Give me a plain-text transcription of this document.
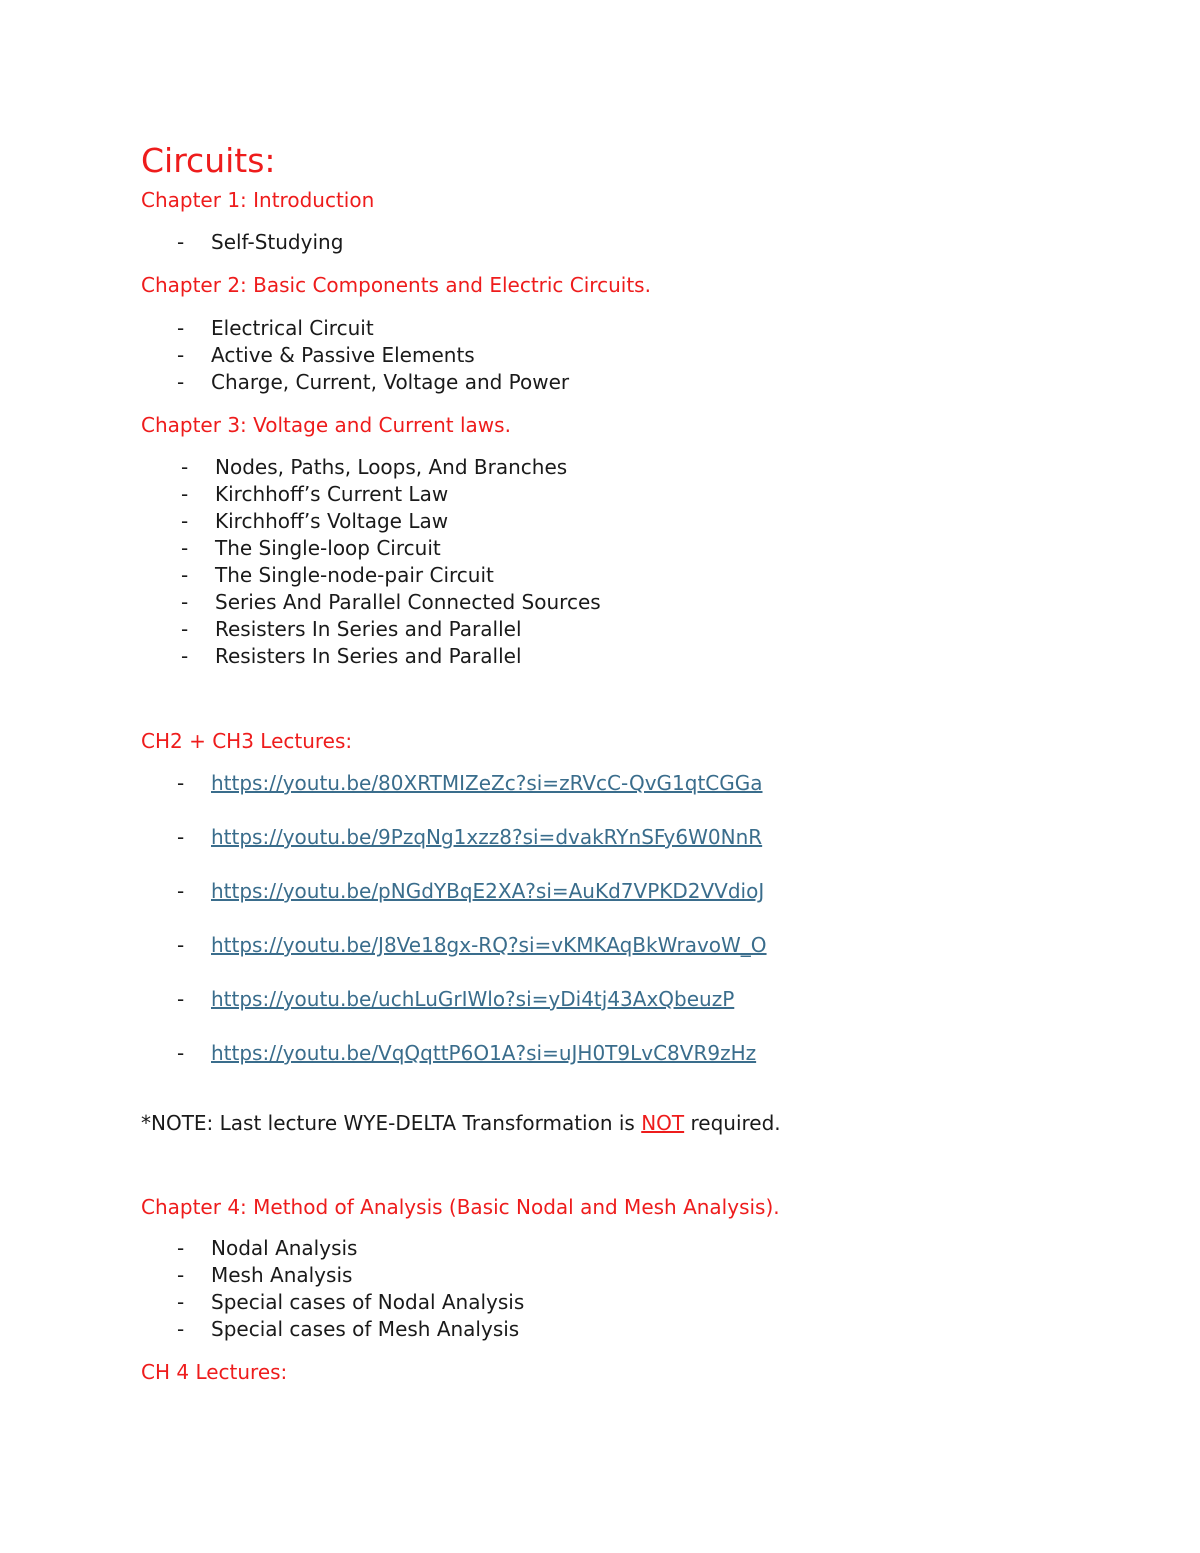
Circuits:
Chapter 1: Introduction
- Self-Studying
Chapter 2: Basic Components and Electric Circuits.
- Electrical Circuit
- Active & Passive Elements
- Charge, Current, Voltage and Power
Chapter 3: Voltage and Current laws.
- Nodes, Paths, Loops, And Branches
- Kirchhoff’s Current Law
- Kirchhoff’s Voltage Law
- The Single-loop Circuit
- The Single-node-pair Circuit
- Series And Parallel Connected Sources
- Resisters In Series and Parallel
- Resisters In Series and Parallel
CH2 + CH3 Lectures:
- https://youtu.be/80XRTMIZeZc?si=zRVcC-QvG1qtCGGa
- https://youtu.be/9PzqNg1xzz8?si=dvakRYnSFy6W0NnR
- https://youtu.be/pNGdYBqE2XA?si=AuKd7VPKD2VVdioJ
- https://youtu.be/J8Ve18gx-RQ?si=vKMKAqBkWravoW_O
- https://youtu.be/uchLuGrIWlo?si=yDi4tj43AxQbeuzP
- https://youtu.be/VqQqttP6O1A?si=uJH0T9LvC8VR9zHz

*NOTE: Last lecture WYE-DELTA Transformation is NOT required.

Chapter 4: Method of Analysis (Basic Nodal and Mesh Analysis).
- Nodal Analysis
- Mesh Analysis
- Special cases of Nodal Analysis
- Special cases of Mesh Analysis
CH 4 Lectures:
